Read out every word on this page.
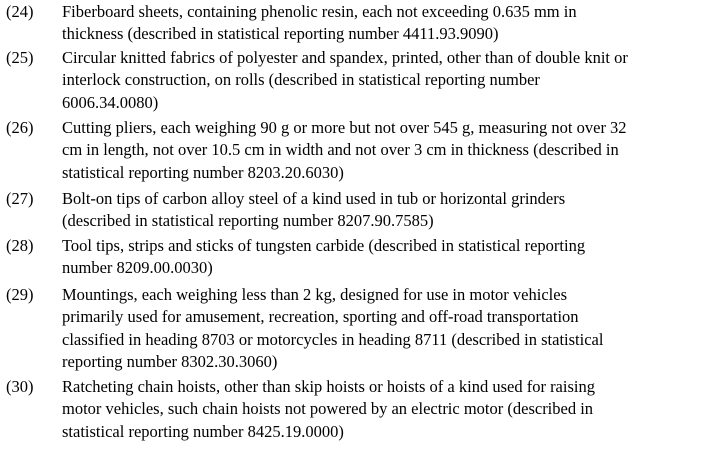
(24) Fiberboard sheets, containing phenolic resin, each not exceeding 0.635 mm in
thickness (described in statistical reporting number 4411.93.9090)
(25) Circular knitted fabrics of polyester and spandex, printed, other than of double knit or
interlock construction, on rolls (described in statistical reporting number
6006.34.0080)
(26) Cutting pliers, each weighing 90 g or more but not over 545 g, measuring not over 32
cm in length, not over 10.5 cm in width and not over 3 cm in thickness (described in
statistical reporting number 8203.20.6030)
(27) Bolt-on tips of carbon alloy steel of a kind used in tub or horizontal grinders
(described in statistical reporting number 8207.90.7585)
(28) Tool tips, strips and sticks of tungsten carbide (described in statistical reporting
number 8209.00.0030)
(29) Mountings, each weighing less than 2 kg, designed for use in motor vehicles
primarily used for amusement, recreation, sporting and off-road transportation
classified in heading 8703 or motorcycles in heading 8711 (described in statistical
reporting number 8302.30.3060)
(30) Ratcheting chain hoists, other than skip hoists or hoists of a kind used for raising
motor vehicles, such chain hoists not powered by an electric motor (described in
statistical reporting number 8425.19.0000)
